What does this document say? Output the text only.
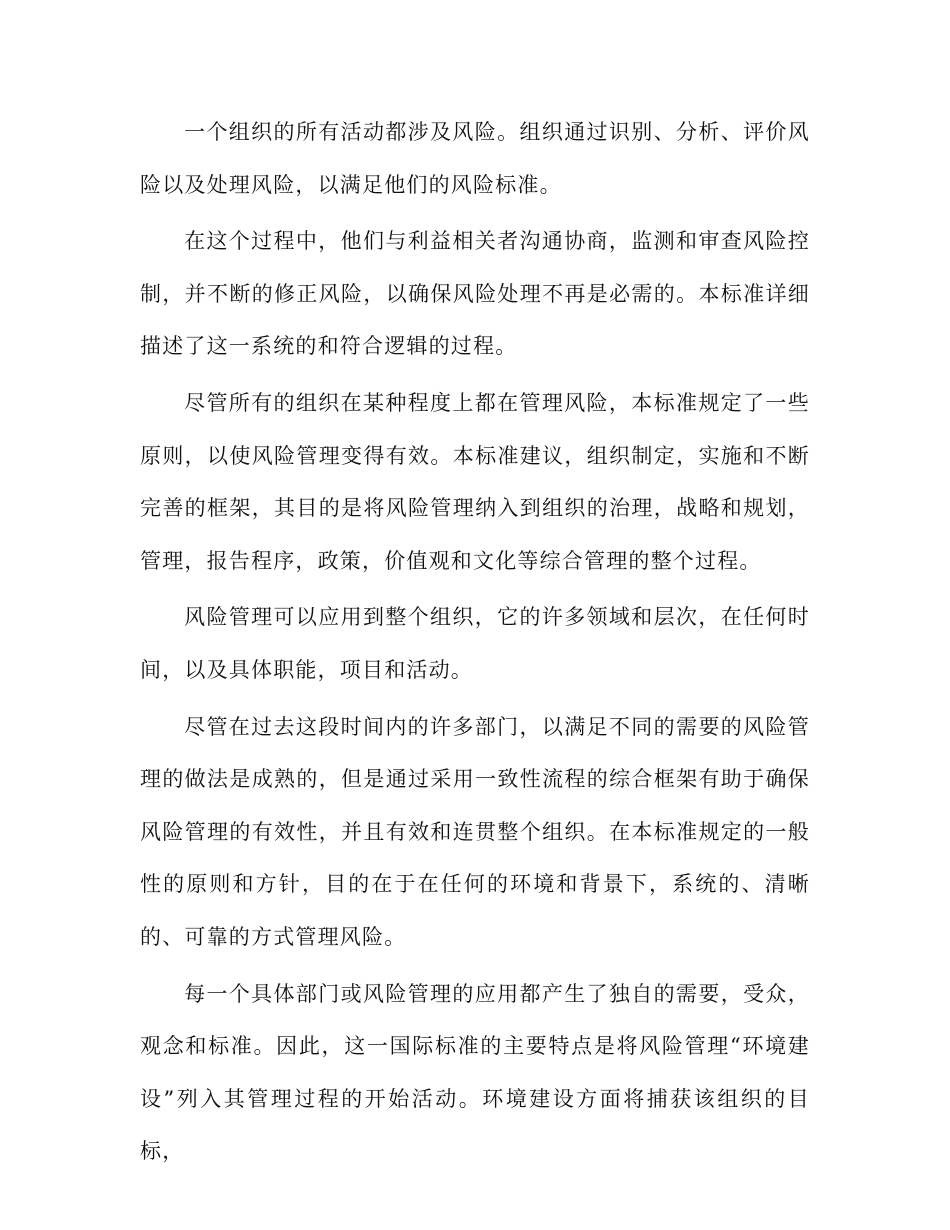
一个组织的所有活动都涉及风险。组织通过识别、分析、评价风险以及处理风险，以满足他们的风险标准。

在这个过程中，他们与利益相关者沟通协商，监测和审查风险控制，并不断的修正风险，以确保风险处理不再是必需的。本标准详细描述了这一系统的和符合逻辑的过程。

尽管所有的组织在某种程度上都在管理风险，本标准规定了一些原则，以使风险管理变得有效。本标准建议，组织制定，实施和不断完善的框架，其目的是将风险管理纳入到组织的治理，战略和规划，管理，报告程序，政策，价值观和文化等综合管理的整个过程。

风险管理可以应用到整个组织，它的许多领域和层次，在任何时间，以及具体职能，项目和活动。

尽管在过去这段时间内的许多部门，以满足不同的需要的风险管理的做法是成熟的，但是通过采用一致性流程的综合框架有助于确保风险管理的有效性，并且有效和连贯整个组织。在本标准规定的一般性的原则和方针，目的在于在任何的环境和背景下，系统的、清晰的、可靠的方式管理风险。

每一个具体部门或风险管理的应用都产生了独自的需要，受众，观念和标准。因此，这一国际标准的主要特点是将风险管理“环境建设”列入其管理过程的开始活动。环境建设方面将捕获该组织的目标，
